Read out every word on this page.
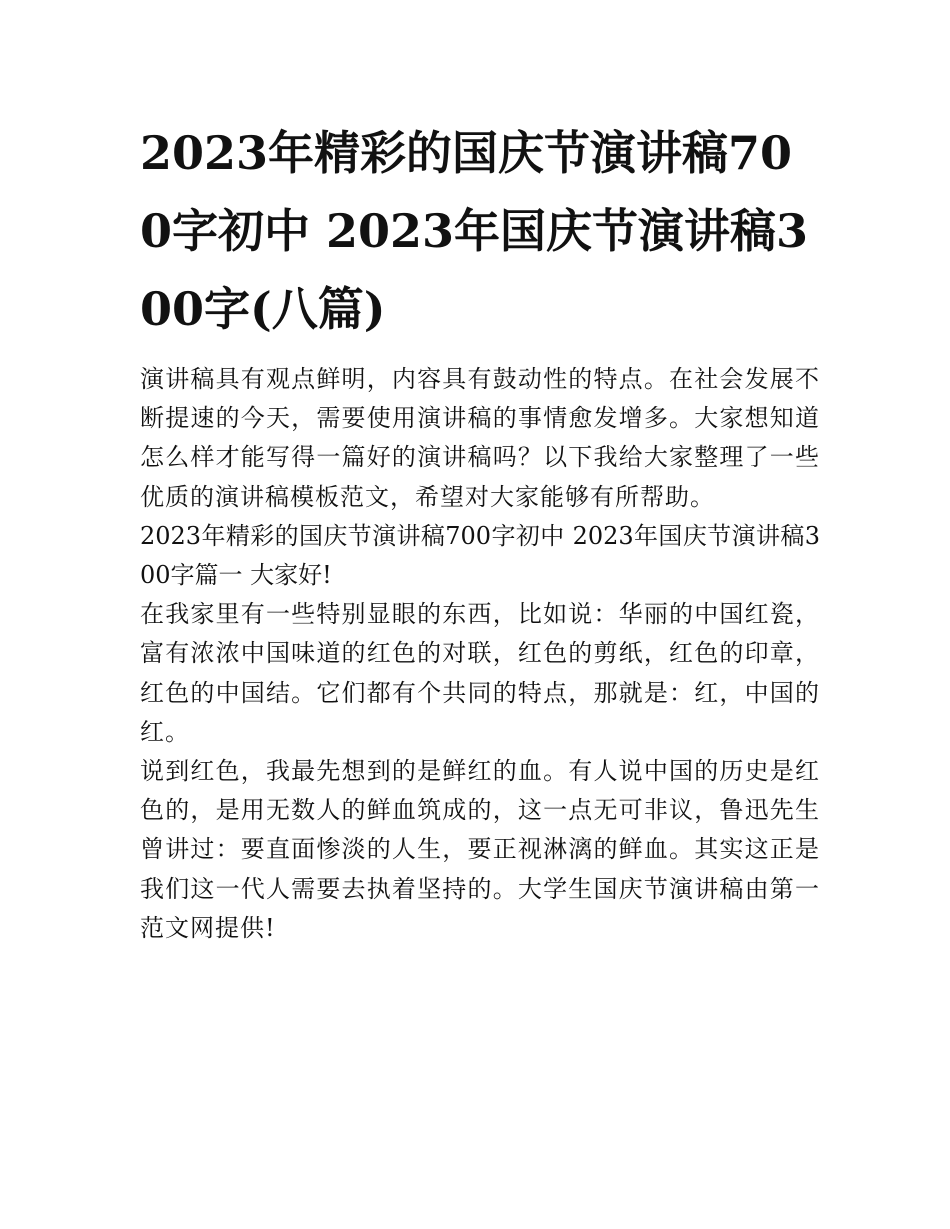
2023年精彩的国庆节演讲稿700字初中 2023年国庆节演讲稿300字(八篇)

演讲稿具有观点鲜明，内容具有鼓动性的特点。在社会发展不断提速的今天，需要使用演讲稿的事情愈发增多。大家想知道怎么样才能写得一篇好的演讲稿吗？以下我给大家整理了一些优质的演讲稿模板范文，希望对大家能够有所帮助。

2023年精彩的国庆节演讲稿700字初中 2023年国庆节演讲稿300字篇一 大家好!

在我家里有一些特别显眼的东西，比如说：华丽的中国红瓷，富有浓浓中国味道的红色的对联，红色的剪纸，红色的印章，红色的中国结。它们都有个共同的特点，那就是：红，中国的红。

说到红色，我最先想到的是鲜红的血。有人说中国的历史是红色的，是用无数人的鲜血筑成的，这一点无可非议，鲁迅先生曾讲过：要直面惨淡的人生，要正视淋漓的鲜血。其实这正是我们这一代人需要去执着坚持的。大学生国庆节演讲稿由第一范文网提供!
